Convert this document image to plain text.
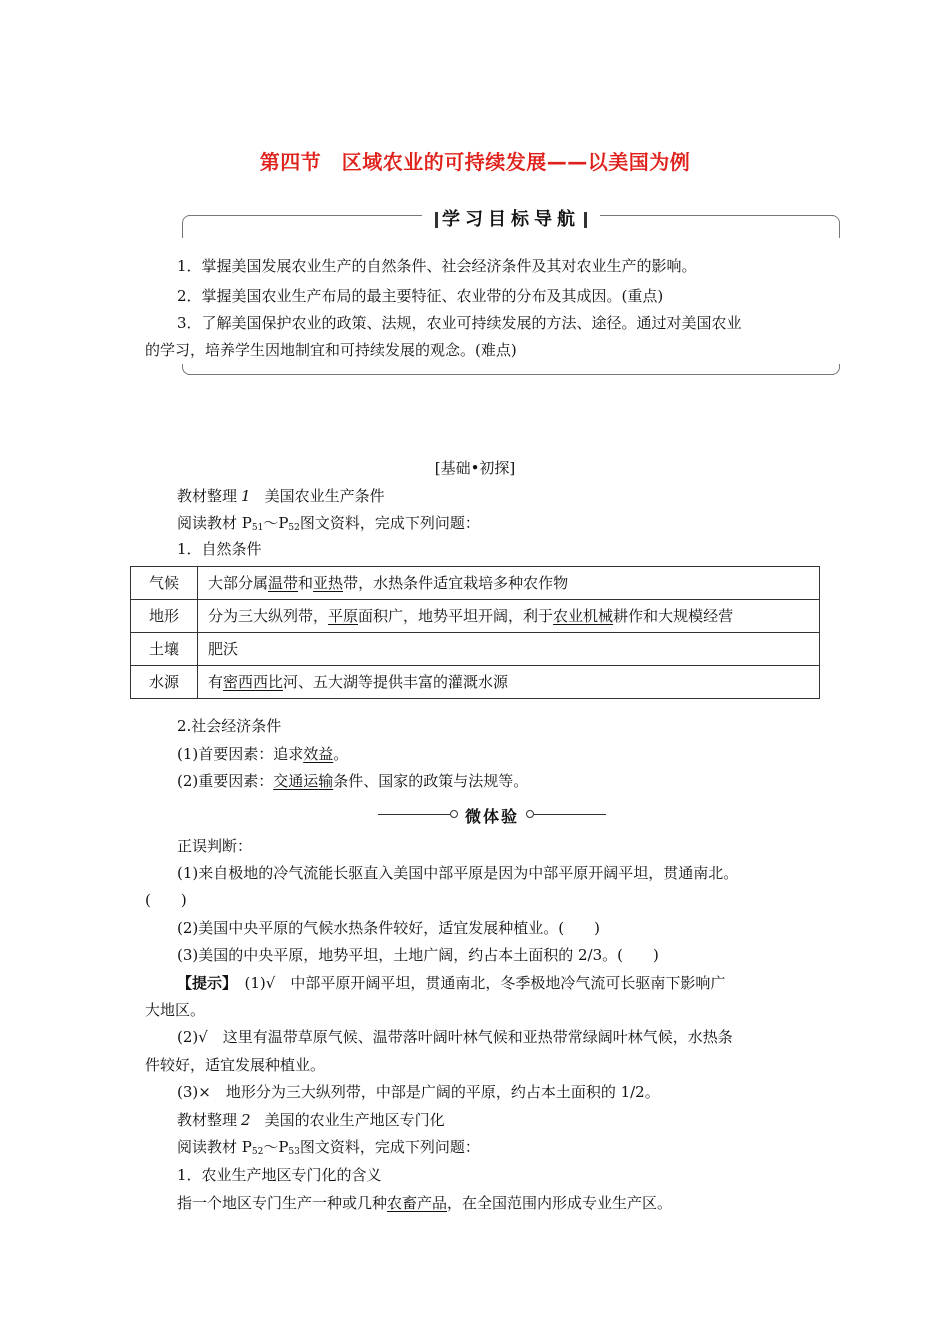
第四节　区域农业的可持续发展——以美国为例
学习目标导航
1．掌握美国发展农业生产的自然条件、社会经济条件及其对农业生产的影响。
2．掌握美国农业生产布局的最主要特征、农业带的分布及其成因。(重点)
3．了解美国保护农业的政策、法规，农业可持续发展的方法、途径。通过对美国农业
的学习，培养学生因地制宜和可持续发展的观念。(难点)
[基础•初探]
教材整理 1 美国农业生产条件
阅读教材 $P_{51}\sim P_{52}$图文资料，完成下列问题：
1．自然条件
气候	大部分属温带和亚热带，水热条件适宜栽培多种农作物
地形	分为三大纵列带，平原面积广，地势平坦开阔，利于农业机械耕作和大规模经营
土壤	肥沃
水源	有密西西比河、五大湖等提供丰富的灌溉水源
2.社会经济条件
(1)首要因素：追求效益。
(2)重要因素：交通运输条件、国家的政策与法规等。
微体验
正误判断：
(1)来自极地的冷气流能长驱直入美国中部平原是因为中部平原开阔平坦，贯通南北。
(　　)
(2)美国中央平原的气候水热条件较好，适宜发展种植业。(　　)
(3)美国的中央平原，地势平坦，土地广阔，约占本土面积的 2/3。(　　)
【提示】　(1)√　中部平原开阔平坦，贯通南北，冬季极地冷气流可长驱南下影响广
大地区。
(2)√　这里有温带草原气候、温带落叶阔叶林气候和亚热带常绿阔叶林气候，水热条
件较好，适宜发展种植业。
(3)×　地形分为三大纵列带，中部是广阔的平原，约占本土面积的 1/2。
教材整理 2 美国的农业生产地区专门化
阅读教材 $P_{52}\sim P_{53}$图文资料，完成下列问题：
1．农业生产地区专门化的含义
指一个地区专门生产一种或几种农畜产品，在全国范围内形成专业生产区。
